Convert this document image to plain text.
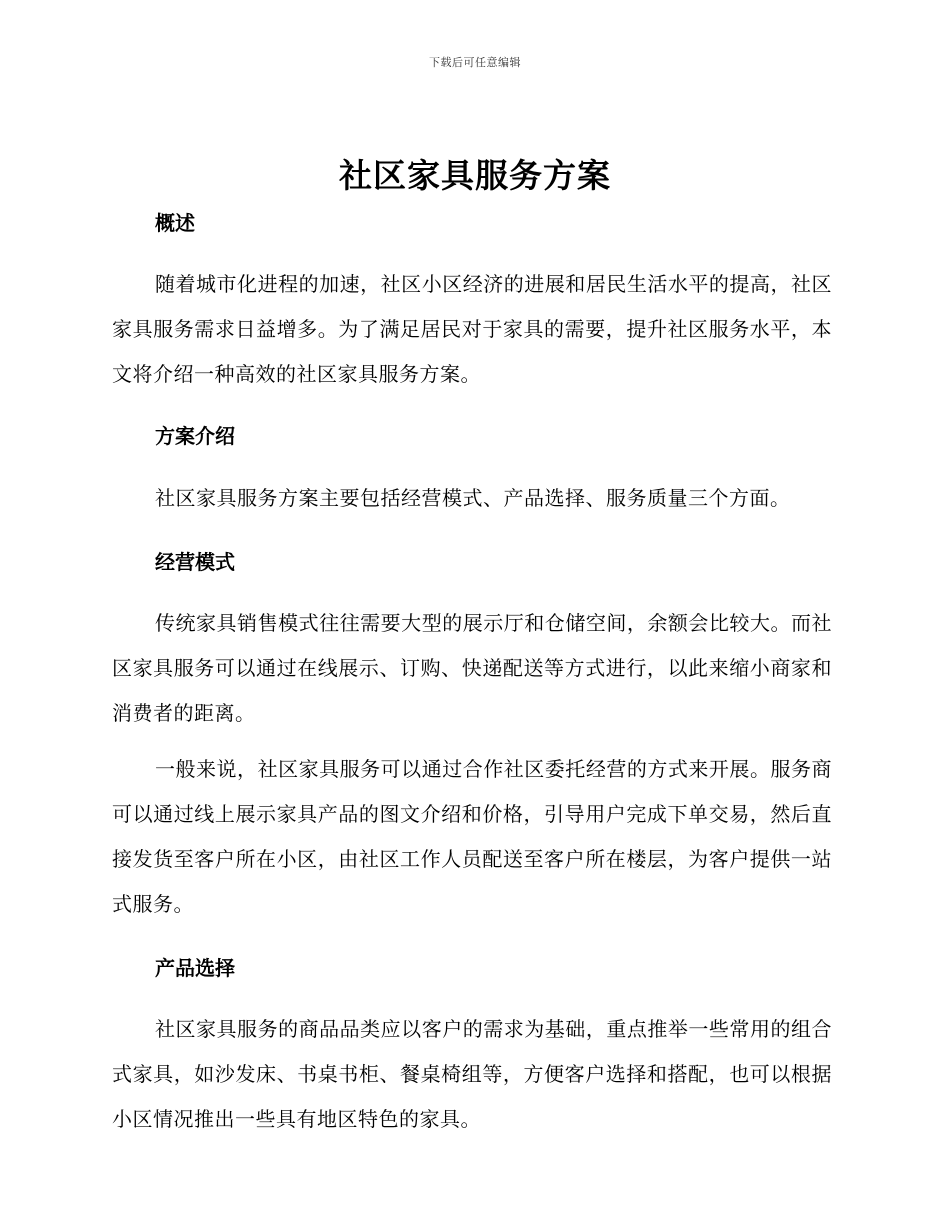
下载后可任意编辑
社区家具服务方案
概述

随着城市化进程的加速，社区小区经济的进展和居民生活水平的提高，社区家具服务需求日益增多。为了满足居民对于家具的需要，提升社区服务水平，本文将介绍一种高效的社区家具服务方案。

方案介绍

社区家具服务方案主要包括经营模式、产品选择、服务质量三个方面。

经营模式

传统家具销售模式往往需要大型的展示厅和仓储空间，余额会比较大。而社区家具服务可以通过在线展示、订购、快递配送等方式进行，以此来缩小商家和消费者的距离。

一般来说，社区家具服务可以通过合作社区委托经营的方式来开展。服务商可以通过线上展示家具产品的图文介绍和价格，引导用户完成下单交易，然后直接发货至客户所在小区，由社区工作人员配送至客户所在楼层，为客户提供一站式服务。

产品选择

社区家具服务的商品品类应以客户的需求为基础，重点推举一些常用的组合式家具，如沙发床、书桌书柜、餐桌椅组等，方便客户选择和搭配，也可以根据小区情况推出一些具有地区特色的家具。
